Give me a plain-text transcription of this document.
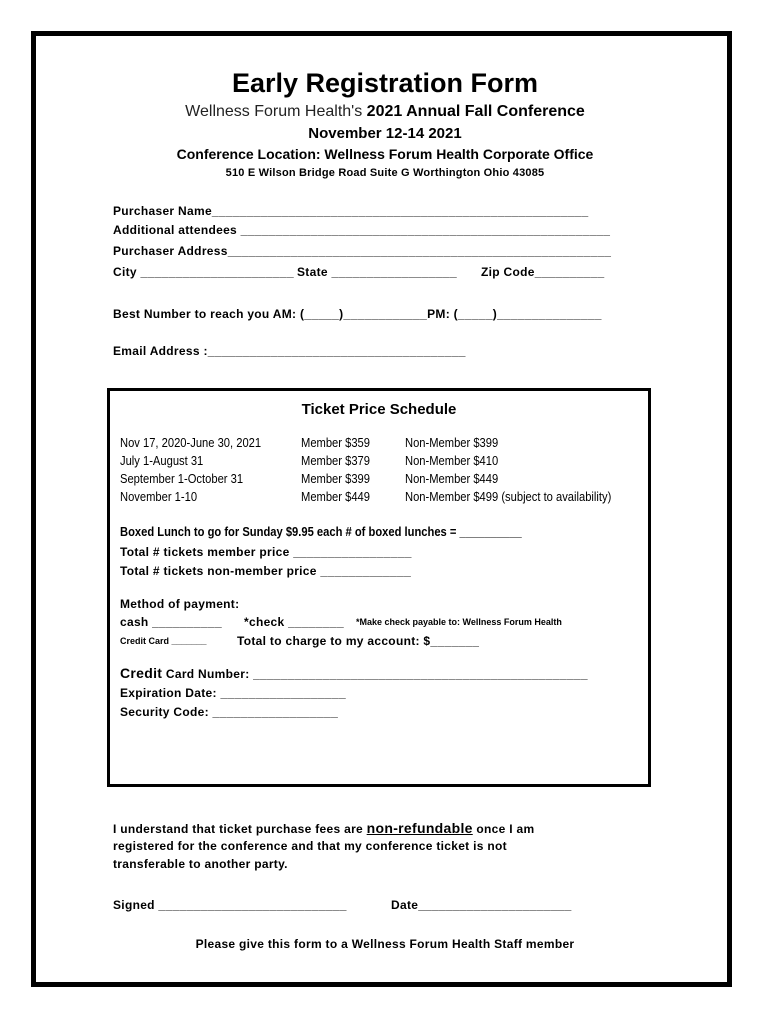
Early Registration Form
Wellness Forum Health's 2021 Annual Fall Conference
November 12-14 2021
Conference Location: Wellness Forum Health Corporate Office
510 E Wilson Bridge Road Suite G Worthington Ohio 43085
Purchaser Name______________________________________________________
Additional attendees _____________________________________________________
Purchaser Address_______________________________________________________
City ______________________ State __________________ Zip Code__________
Best Number to reach you AM: (_____)____________PM: (_____)_______________
Email Address :_____________________________________
Ticket Price Schedule
Nov 17, 2020-June 30, 2021	Member $359	Non-Member $399
July 1-August 31	Member $379	Non-Member $410
September 1-October 31	Member $399	Non-Member $449
November 1-10	Member $449	Non-Member $499 (subject to availability)
Boxed Lunch to go for Sunday $9.95 each # of boxed lunches = __________
Total # tickets member price _________________
Total # tickets non-member price _____________
Method of payment:
cash __________ *check ________ *Make check payable to: Wellness Forum Health
Credit Card _______	Total to charge to my account: $_______
Credit Card Number: ________________________________________________
Expiration Date: __________________
Security Code: __________________
I understand that ticket purchase fees are non-refundable once I am
registered for the conference and that my conference ticket is not
transferable to another party.
Signed ___________________________	Date______________________
Please give this form to a Wellness Forum Health Staff member
